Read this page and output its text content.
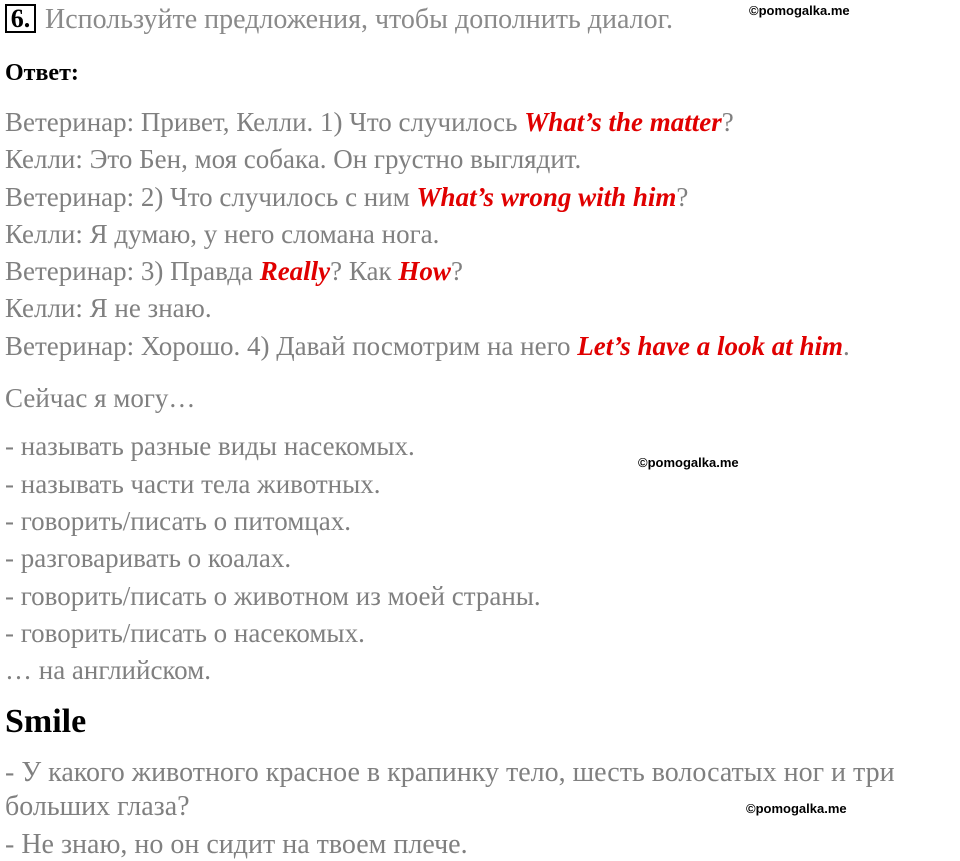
6. Используйте предложения, чтобы дополнить диалог.	©pomogalka.me
Ответ:
Ветеринар: Привет, Келли. 1) Что случилось What’s the matter?
Келли: Это Бен, моя собака. Он грустно выглядит.
Ветеринар: 2) Что случилось с ним What’s wrong with him?
Келли: Я думаю, у него сломана нога.
Ветеринар: 3) Правда Really? Как How?
Келли: Я не знаю.
Ветеринар: Хорошо. 4) Давай посмотрим на него Let’s have a look at him.
Сейчас я могу…
- называть разные виды насекомых.
©pomogalka.me
- называть части тела животных.
- говорить/писать о питомцах.
- разговаривать о коалах.
- говорить/писать о животном из моей страны.
- говорить/писать о насекомых.
… на английском.
Smile
- У какого животного красное в крапинку тело, шесть волосатых ног и три
больших глаза?	©pomogalka.me
- Не знаю, но он сидит на твоем плече.
